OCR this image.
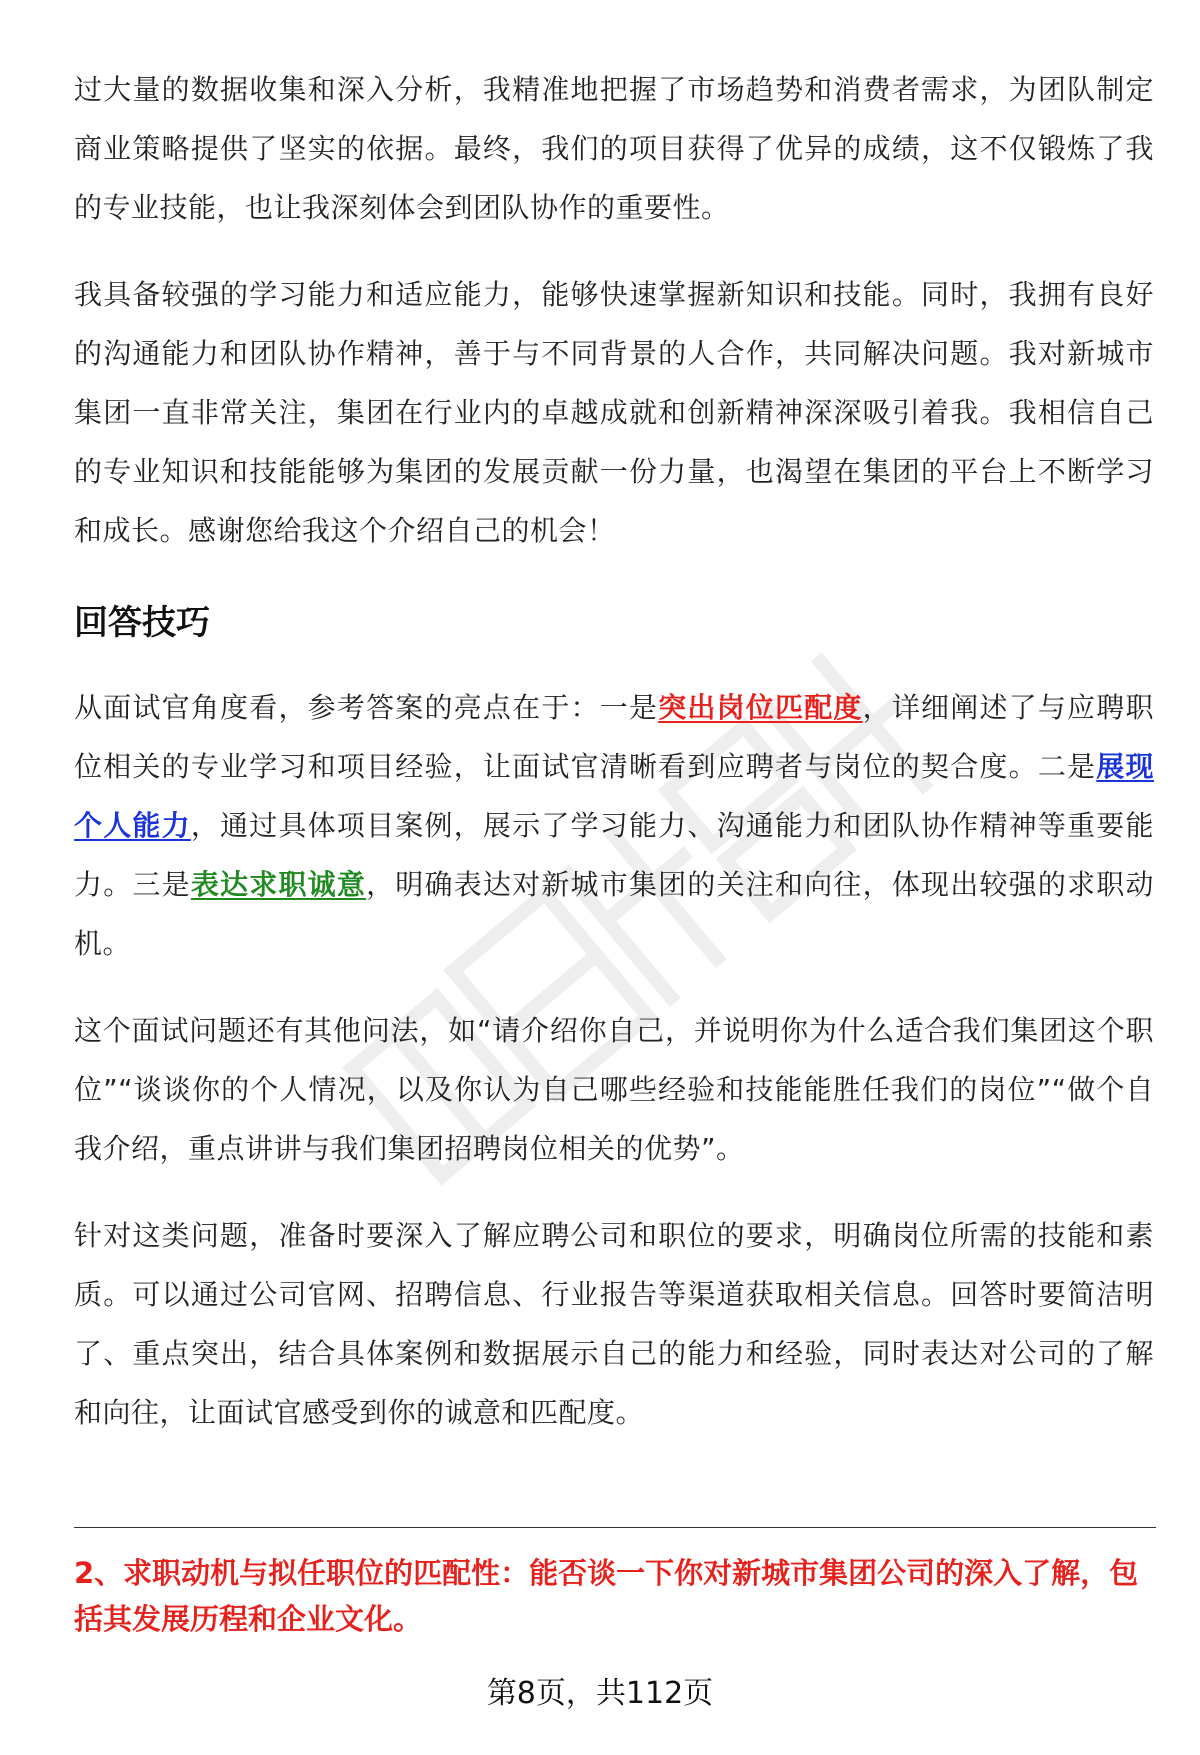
过大量的数据收集和深入分析，我精准地把握了市场趋势和消费者需求，为团队制定商业策略提供了坚实的依据。最终，我们的项目获得了优异的成绩，这不仅锻炼了我的专业技能，也让我深刻体会到团队协作的重要性。

我具备较强的学习能力和适应能力，能够快速掌握新知识和技能。同时，我拥有良好的沟通能力和团队协作精神，善于与不同背景的人合作，共同解决问题。我对新城市集团一直非常关注，集团在行业内的卓越成就和创新精神深深吸引着我。我相信自己的专业知识和技能能够为集团的发展贡献一份力量，也渴望在集团的平台上不断学习和成长。感谢您给我这个介绍自己的机会！

回答技巧

从面试官角度看，参考答案的亮点在于：一是突出岗位匹配度，详细阐述了与应聘职位相关的专业学习和项目经验，让面试官清晰看到应聘者与岗位的契合度。二是展现个人能力，通过具体项目案例，展示了学习能力、沟通能力和团队协作精神等重要能力。三是表达求职诚意，明确表达对新城市集团的关注和向往，体现出较强的求职动机。

这个面试问题还有其他问法，如“请介绍你自己，并说明你为什么适合我们集团这个职位”“谈谈你的个人情况，以及你认为自己哪些经验和技能能胜任我们的岗位”“做个自我介绍，重点讲讲与我们集团招聘岗位相关的优势”。

针对这类问题，准备时要深入了解应聘公司和职位的要求，明确岗位所需的技能和素质。可以通过公司官网、招聘信息、行业报告等渠道获取相关信息。回答时要简洁明了、重点突出，结合具体案例和数据展示自己的能力和经验，同时表达对公司的了解和向往，让面试官感受到你的诚意和匹配度。

2、求职动机与拟任职位的匹配性：能否谈一下你对新城市集团公司的深入了解，包括其发展历程和企业文化。

第8页，共112页
